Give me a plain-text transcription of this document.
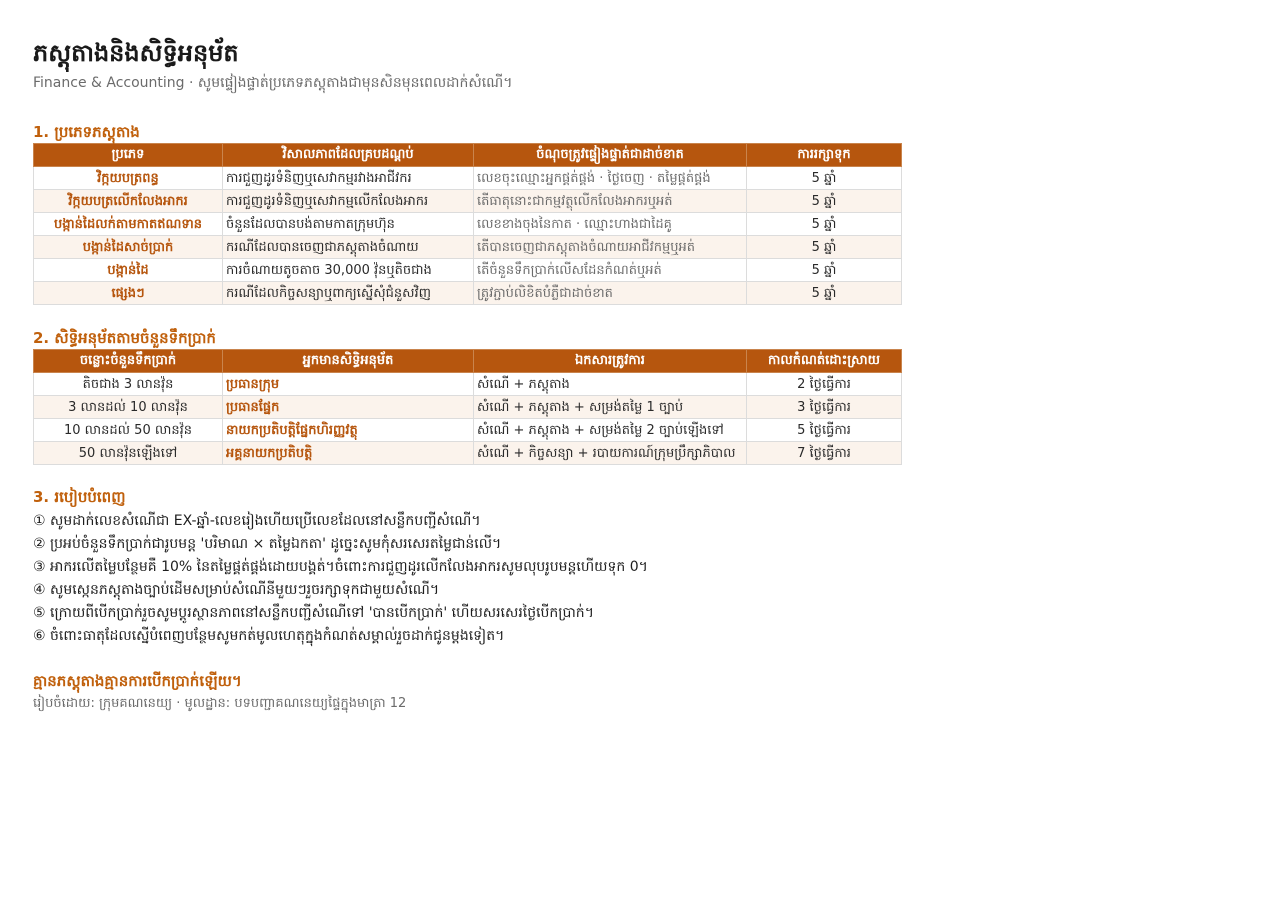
ភស្តុតាងនិងសិទ្ធិអនុម័ត
Finance & Accounting · សូមផ្ទៀងផ្ទាត់ប្រភេទភស្តុតាងជាមុនសិនមុនពេលដាក់សំណើ។
1. ប្រភេទភស្តុតាង
ប្រភេទ	វិសាលភាពដែលគ្របដណ្តប់	ចំណុចត្រូវផ្ទៀងផ្ទាត់ជាដាច់ខាត	ការរក្សាទុក
វិក្កយបត្រពន្ធ	ការជួញដូរទំនិញឬសេវាកម្មរវាងអាជីវករ	លេខចុះឈ្មោះអ្នកផ្គត់ផ្គង់ · ថ្ងៃចេញ · តម្លៃផ្គត់ផ្គង់	5 ឆ្នាំ
វិក្កយបត្រលើកលែងអាករ	ការជួញដូរទំនិញឬសេវាកម្មលើកលែងអាករ	តើធាតុនោះជាកម្មវត្ថុលើកលែងអាករឬអត់	5 ឆ្នាំ
បង្កាន់ដៃលក់តាមកាតឥណទាន	ចំនួនដែលបានបង់តាមកាតក្រុមហ៊ុន	លេខខាងចុងនៃកាត · ឈ្មោះហាងជាដៃគូ	5 ឆ្នាំ
បង្កាន់ដៃសាច់ប្រាក់	ករណីដែលបានចេញជាភស្តុតាងចំណាយ	តើបានចេញជាភស្តុតាងចំណាយអាជីវកម្មឬអត់	5 ឆ្នាំ
បង្កាន់ដៃ	ការចំណាយតូចតាច 30,000 វ៉ុនឬតិចជាង	តើចំនួនទឹកប្រាក់លើសដែនកំណត់ឬអត់	5 ឆ្នាំ
ផ្សេងៗ	ករណីដែលកិច្ចសន្យាឬពាក្យស្នើសុំជំនួសវិញ	ត្រូវភ្ជាប់លិខិតបំភ្លឺជាដាច់ខាត	5 ឆ្នាំ
2. សិទ្ធិអនុម័តតាមចំនួនទឹកប្រាក់
ចន្លោះចំនួនទឹកប្រាក់	អ្នកមានសិទ្ធិអនុម័ត	ឯកសារត្រូវការ	កាលកំណត់ដោះស្រាយ
តិចជាង 3 លានវ៉ុន	ប្រធានក្រុម	សំណើ + ភស្តុតាង	2 ថ្ងៃធ្វើការ
3 លានដល់ 10 លានវ៉ុន	ប្រធានផ្នែក	សំណើ + ភស្តុតាង + សម្រង់តម្លៃ 1 ច្បាប់	3 ថ្ងៃធ្វើការ
10 លានដល់ 50 លានវ៉ុន	នាយកប្រតិបត្តិផ្នែកហិរញ្ញវត្ថុ	សំណើ + ភស្តុតាង + សម្រង់តម្លៃ 2 ច្បាប់ឡើងទៅ	5 ថ្ងៃធ្វើការ
50 លានវ៉ុនឡើងទៅ	អគ្គនាយកប្រតិបត្តិ	សំណើ + កិច្ចសន្យា + របាយការណ៍ក្រុមប្រឹក្សាភិបាល	7 ថ្ងៃធ្វើការ
3. របៀបបំពេញ
① សូមដាក់លេខសំណើជា EX-ឆ្នាំ-លេខរៀងហើយប្រើលេខដែលនៅសន្លឹកបញ្ជីសំណើ។
② ប្រអប់ចំនួនទឹកប្រាក់ជារូបមន្ត 'បរិមាណ × តម្លៃឯកតា' ដូច្នេះសូមកុំសរសេរតម្លៃជាន់លើ។
③ អាករលើតម្លៃបន្ថែមគឺ 10% នៃតម្លៃផ្គត់ផ្គង់ដោយបង្គត់។ចំពោះការជួញដូរលើកលែងអាករសូមលុបរូបមន្តហើយទុក 0។
④ សូមស្កេនភស្តុតាងច្បាប់ដើមសម្រាប់សំណើនីមួយៗរួចរក្សាទុកជាមួយសំណើ។
⑤ ក្រោយពីបើកប្រាក់រួចសូមប្ដូរស្ថានភាពនៅសន្លឹកបញ្ជីសំណើទៅ 'បានបើកប្រាក់' ហើយសរសេរថ្ងៃបើកប្រាក់។
⑥ ចំពោះធាតុដែលស្នើបំពេញបន្ថែមសូមកត់មូលហេតុក្នុងកំណត់សម្គាល់រួចដាក់ជូនម្ដងទៀត។
គ្មានភស្តុតាងគ្មានការបើកប្រាក់ឡើយ។
រៀបចំដោយ: ក្រុមគណនេយ្យ · មូលដ្ឋាន: បទបញ្ជាគណនេយ្យផ្ទៃក្នុងមាត្រា 12
